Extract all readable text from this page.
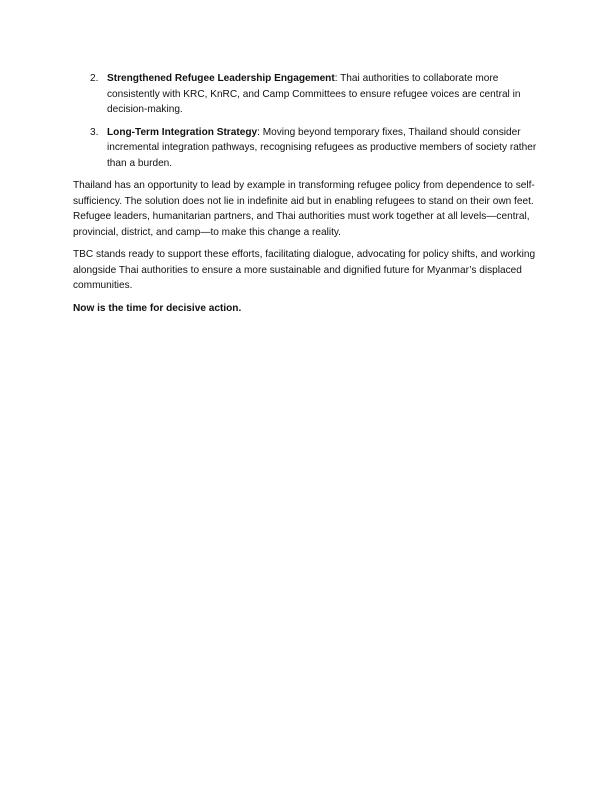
2. Strengthened Refugee Leadership Engagement: Thai authorities to collaborate more consistently with KRC, KnRC, and Camp Committees to ensure refugee voices are central in decision-making.
3. Long-Term Integration Strategy: Moving beyond temporary fixes, Thailand should consider incremental integration pathways, recognising refugees as productive members of society rather than a burden.

Thailand has an opportunity to lead by example in transforming refugee policy from dependence to self-sufficiency. The solution does not lie in indefinite aid but in enabling refugees to stand on their own feet. Refugee leaders, humanitarian partners, and Thai authorities must work together at all levels—central, provincial, district, and camp—to make this change a reality.

TBC stands ready to support these efforts, facilitating dialogue, advocating for policy shifts, and working alongside Thai authorities to ensure a more sustainable and dignified future for Myanmar’s displaced communities.

Now is the time for decisive action.
